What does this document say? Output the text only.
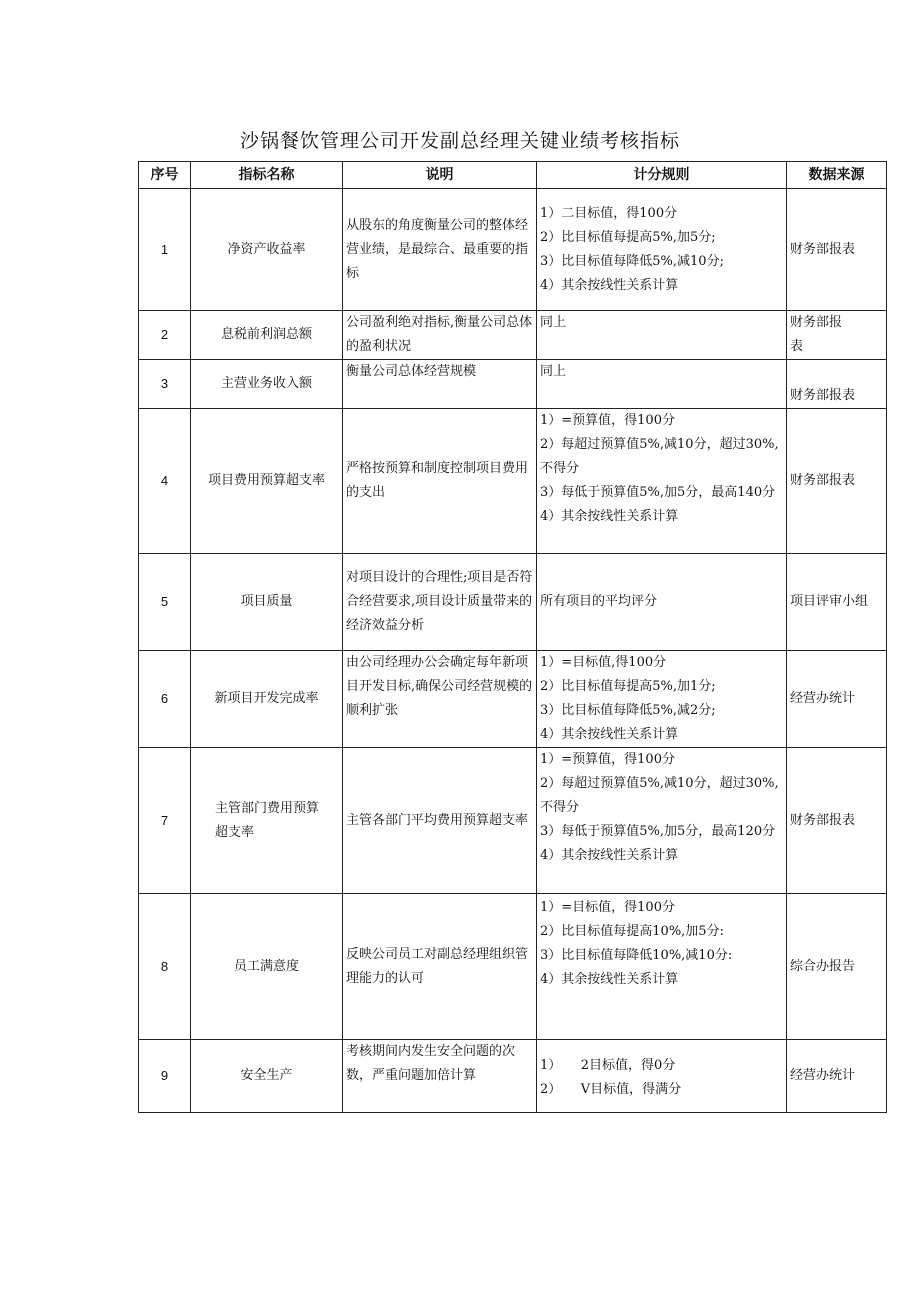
沙锅餐饮管理公司开发副总经理关键业绩考核指标
序号	指标名称	说明	计分规则	数据来源
1	净资产收益率	从股东的角度衡量公司的整体经营业绩，是最综合、最重要的指标	1）二目标值，得100分
2）比目标值每提高5%,加5分;
3）比目标值每降低5%,减10分;
4）其余按线性关系计算	财务部报表
2	息税前利润总额	公司盈利绝对指标,衡量公司总体的盈利状况	同上	财务部报表

3	主营业务收入额	衡量公司总体经营规模	同上	财务部报表
4	项目费用预算超支率	严格按预算和制度控制项目费用的支出	1）=预算值，得100分
2）每超过预算值5%,减10分，超过30%,不得分
3）每低于预算值5%,加5分，最高140分
4）其余按线性关系计算	财务部报表
5	项目质量	对项目设计的合理性;项目是否符合经营要求,项目设计质量带来的经济效益分析	所有项目的平均评分	项目评审小组
6	新项目开发完成率	由公司经理办公会确定每年新项目开发目标,确保公司经营规模的顺利扩张	1）=目标值,得100分
2）比目标值每提高5%,加1分;
3）比目标值每降低5%,减2分;
4）其余按线性关系计算	经营办统计
7	主管部门费用预算超支率	主管各部门平均费用预算超支率	1）=预算值，得100分
2）每超过预算值5%,减10分，超过30%,不得分
3）每低于预算值5%,加5分，最高120分
4）其余按线性关系计算	财务部报表
8	员工满意度	反映公司员工对副总经理组织管理能力的认可	1）=目标值，得100分
2）比目标值每提高10%,加5分:
3）比目标值每降低10%,减10分:
4）其余按线性关系计算	综合办报告
9	安全生产	考核期间内发生安全问题的次数，严重问题加倍计算	1）　　2目标值，得0分
2）　　V目标值，得满分	经营办统计
